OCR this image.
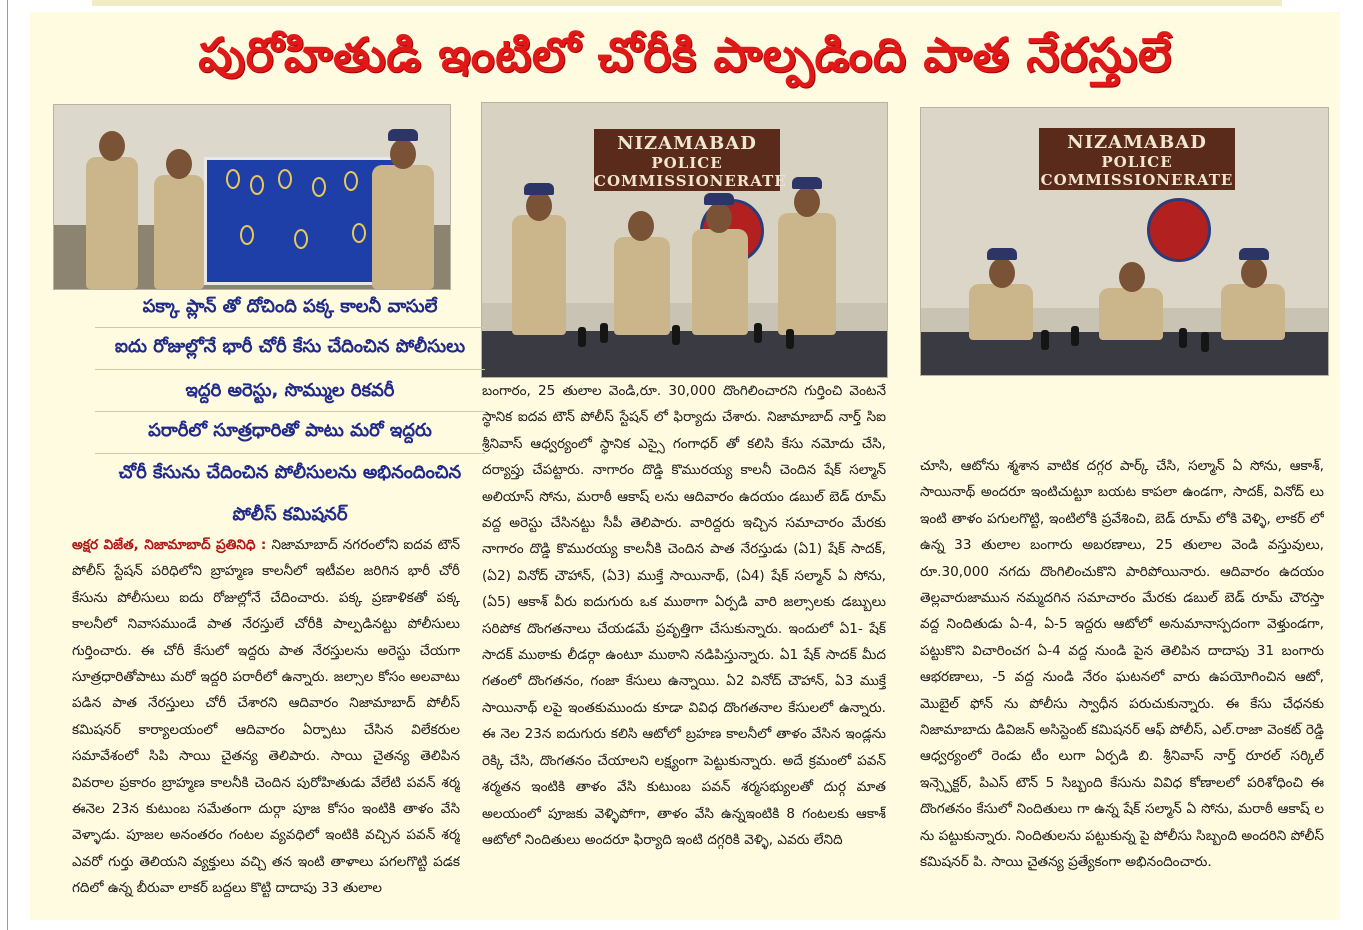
పురోహితుడి ఇంటిలో చోరీకి పాల్పడింది పాత నేరస్తులే
NIZAMABAD
POLICE COMMISSIONERATE
NIZAMABAD
POLICE COMMISSIONERATE
పక్కా ప్లాన్ తో దోచింది పక్క కాలనీ వాసులే
ఐదు రోజుల్లోనే భారీ చోరీ కేసు చేదించిన పోలీసులు
ఇద్దరి అరెస్టు, సొమ్ముల రికవరీ
పరారీలో సూత్రధారితో పాటు మరో ఇద్దరు
చోరీ కేసును చేదించిన పోలీసులను అభినందించిన
పోలీస్ కమిషనర్

అక్షర విజేత, నిజామాబాద్ ప్రతినిధి : నిజామాబాద్ నగరంలోని ఐదవ టౌన్ పోలీస్ స్టేషన్ పరిధిలోని బ్రాహ్మణ కాలనీలో ఇటీవల జరిగిన భారీ చోరీ కేసును పోలీసులు ఐదు రోజుల్లోనే చేదించారు. పక్క ప్రణాళికతో పక్క కాలనీలో నివాసముండే పాత నేరస్తులే చోరీకి పాల్పడినట్టు పోలీసులు గుర్తించారు. ఈ చోరీ కేసులో ఇద్దరు పాత నేరస్తులను అరెస్టు చేయగా సూత్రధారితోపాటు మరో ఇద్దరి పరారీలో ఉన్నారు. జల్సాల కోసం అలవాటు పడిన పాత నేరస్తులు చోరీ చేశారని ఆదివారం నిజామాబాద్ పోలీస్ కమిషనర్ కార్యాలయంలో ఆదివారం ఏర్పాటు చేసిన విలేకరుల సమావేశంలో సిపి సాయి చైతన్య తెలిపారు. సాయి చైతన్య తెలిపిన వివరాల ప్రకారం బ్రాహ్మణ కాలనీకి చెందిన పురోహితుడు వేలేటి పవన్ శర్మ ఈనెల 23న కుటుంబ సమేతంగా దుర్గా పూజ కోసం ఇంటికి తాళం వేసి వెళ్ళాడు. పూజల అనంతరం గంటల వ్యవధిలో ఇంటికి వచ్చిన పవన్ శర్మ ఎవరో గుర్తు తెలియని వ్యక్తులు వచ్చి తన ఇంటి తాళాలు పగలగొట్టి పడక గదిలో ఉన్న బీరువా లాకర్ బద్దలు కొట్టి దాదాపు 33 తులాల

బంగారం, 25 తులాల వెండి,రూ. 30,000 దొంగిలించారని గుర్తించి వెంటనే స్థానిక ఐదవ టౌన్ పోలీస్ స్టేషన్ లో ఫిర్యాదు చేశారు. నిజామాబాద్ నార్త్ సిఐ శ్రీనివాస్ ఆధ్వర్యంలో స్థానిక ఎస్సై గంగాధర్ తో కలిసి కేసు నమోదు చేసి, దర్యాప్తు చేపట్టారు. నాగారం దొడ్డి కొమురయ్య కాలనీ చెందిన షేక్ సల్మాన్ అలియాస్ సోను, మరాఠీ ఆకాష్ లను ఆదివారం ఉదయం డబుల్ బెడ్ రూమ్ వద్ద అరెస్టు చేసినట్టు సీపీ తెలిపారు. వారిద్దరు ఇచ్చిన సమాచారం మేరకు నాగారం దొడ్డి కొమురయ్య కాలనీకి చెందిన పాత నేరస్తుడు (ఏ1) షేక్ సాదక్, (ఏ2) వినోద్ చౌహాన్, (ఏ3) ముక్తే సాయినాథ్, (ఏ4) షేక్ సల్మాన్ ఏ సోను, (ఏ5) ఆకాశ్ వీరు ఐదుగురు ఒక ముఠాగా ఏర్పడి వారి జల్సాలకు డబ్బులు సరిపోక దొంగతనాలు చేయడమే ప్రవృత్తిగా చేసుకున్నారు. ఇందులో ఏ1- షేక్ సాదక్ ముఠాకు లీడర్గా ఉంటూ ముఠాని నడిపిస్తున్నారు. ఏ1 షేక్ సాదక్ మీద గతంలో దొంగతనం, గంజా కేసులు ఉన్నాయి. ఏ2 వినోద్ చౌహాన్, ఏ3 ముక్తే సాయినాథ్ లపై ఇంతకుముందు కూడా వివిధ దొంగతనాల కేసులలో ఉన్నారు. ఈ నెల 23న ఐదుగురు కలిసి ఆటోలో బ్రహణ కాలనీలో తాళం వేసిన ఇండ్లను రెక్కి చేసి, దొంగతనం చేయాలని లక్ష్యంగా పెట్టుకున్నారు. అదే క్రమంలో పవన్ శర్మతన ఇంటికి తాళం వేసి కుటుంబ పవన్ శర్మసభ్యులతో దుర్గ మాత అలయంలో పూజకు వెళ్ళిపోగా, తాళం వేసి ఉన్నఇంటికి 8 గంటలకు ఆకాశ్ ఆటోలో నిందితులు అందరూ ఫిర్యాది ఇంటి దగ్గరికి వెళ్ళి, ఎవరు లేనిది

చూసి, ఆటోను శ్మశాన వాటిక దగ్గర పార్క్ చేసి, సల్మాన్ ఏ సోను, ఆకాశ్, సాయినాథ్ అందరూ ఇంటిచుట్టూ బయట కాపలా ఉండగా, సాదక్, వినోద్ లు ఇంటి తాళం పగులగొట్టి, ఇంటిలోకి ప్రవేశించి, బెడ్ రూమ్ లోకి వెళ్ళి, లాకర్ లో ఉన్న 33 తులాల బంగారు అబరణాలు, 25 తులాల వెండి వస్తువులు, రూ.30,000 నగదు దొంగిలించుకొని పారిపోయినారు. ఆదివారం ఉదయం తెల్లవారుజామున నమ్మదగిన సమాచారం మేరకు డబుల్ బెడ్ రూమ్ చౌరస్తా వద్ద నిందితుడు ఏ-4, ఏ-5 ఇద్దరు ఆటోలో అనుమానాస్పదంగా వెళ్తుండగా, పట్టుకొని విచారించగ ఏ-4 వద్ద నుండి పైన తెలిపిన దాదాపు 31 బంగారు ఆభరణాలు, -5 వద్ద నుండి నేరం ఘటనలో వారు ఉపయోగించిన ఆటో, మొబైల్ ఫోన్ ను పోలీసు స్వాధీన పరుచుకున్నారు. ఈ కేసు చేధనకు నిజామాబాదు డివిజన్ అసిస్టెంట్ కమిషనర్ ఆఫ్ పోలీస్, ఎల్.రాజా వెంకట్ రెడ్డి ఆధ్వర్యంలో రెండు టీం లుగా ఏర్పడి బి. శ్రీనివాస్ నార్త్ రూరల్ సర్కిల్ ఇన్స్పెక్టర్, పిఎస్ టౌన్ 5 సిబ్బంది కేసును వివిధ కోణాలలో పరిశోధించి ఈ దొంగతనం కేసులో నిందితులు గా ఉన్న షేక్ సల్మాన్ ఏ సోను, మరాఠీ ఆకాష్ ల ను పట్టుకున్నారు. నిందితులను పట్టుకున్న పై పోలీసు సిబ్బంది అందరిని పోలీస్ కమిషనర్ పి. సాయి చైతన్య ప్రత్యేకంగా అభినందించారు.
